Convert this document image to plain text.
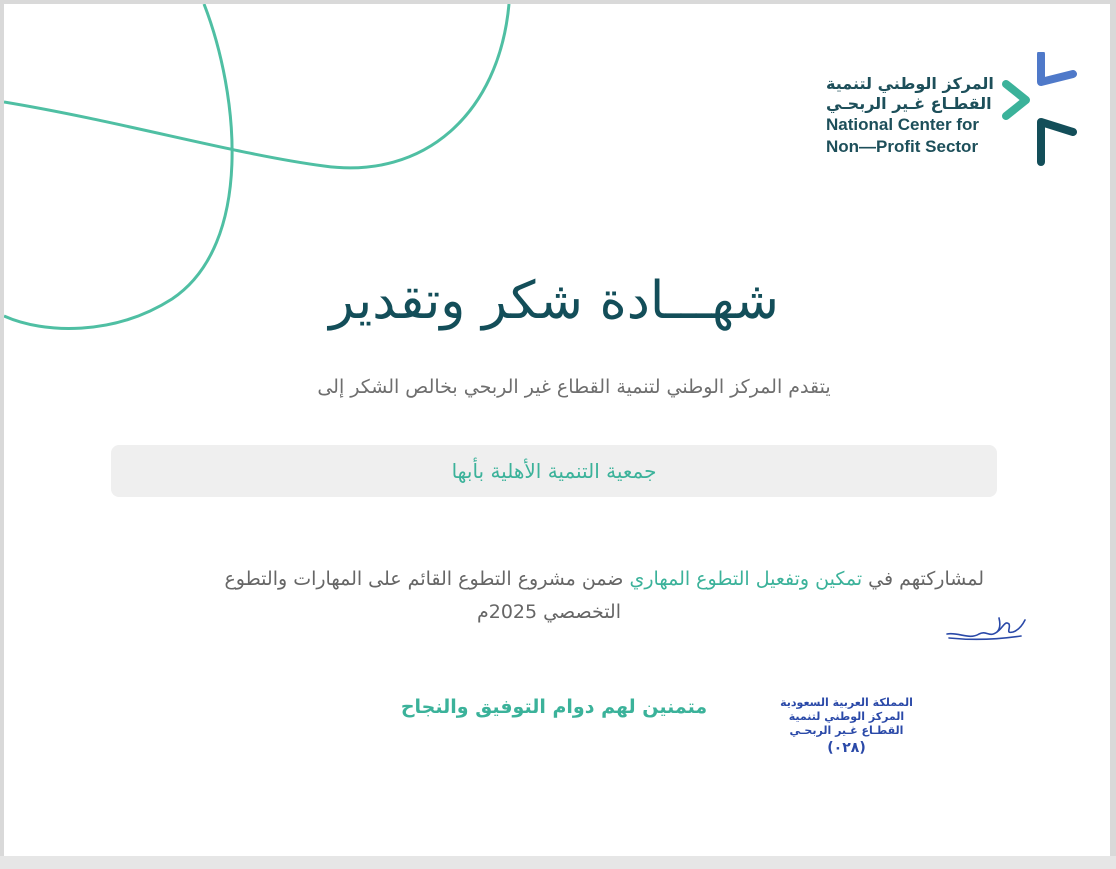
المركز الوطني لتنمية
القطـاع غـير الربحـي
National Center for
Non—Profit Sector
شهـــادة شكر وتقدير
يتقدم المركز الوطني لتنمية القطاع غير الربحي بخالص الشكر إلى
جمعية التنمية الأهلية بأبها
لمشاركتهم في تمكين وتفعيل التطوع المهاري ضمن مشروع التطوع القائم على المهارات والتطوع
التخصصي 2025م
متمنين لهم دوام التوفيق والنجاح	المملكة العربية السعودية
المركز الوطني لتنمية
القطـاع غـير الربحـي
(٠٢٨)
